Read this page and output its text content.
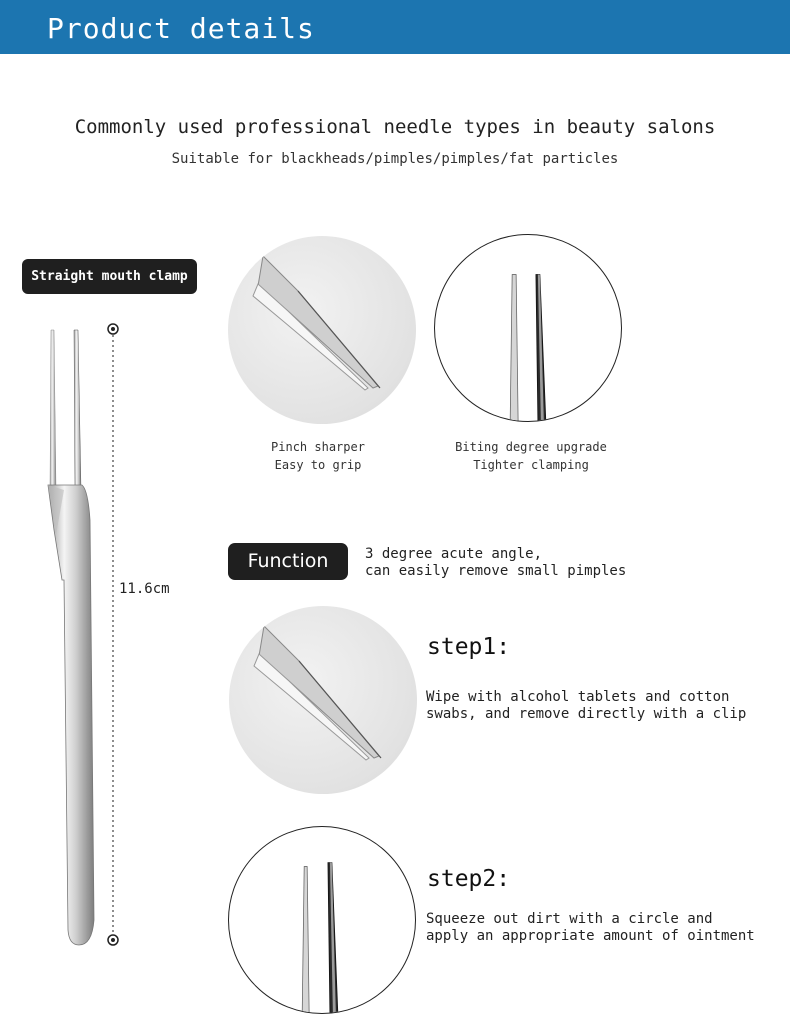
Product details
Commonly used professional needle types in beauty salons
Suitable for blackheads/pimples/pimples/fat particles
Straight mouth clamp
11.6cm
Pinch sharper
Easy to grip
Biting degree upgrade
Tighter clamping
Function	3 degree acute angle,
can easily remove small pimples
step1:
Wipe with alcohol tablets and cotton
swabs, and remove directly with a clip
step2:
Squeeze out dirt with a circle and
apply an appropriate amount of ointment
